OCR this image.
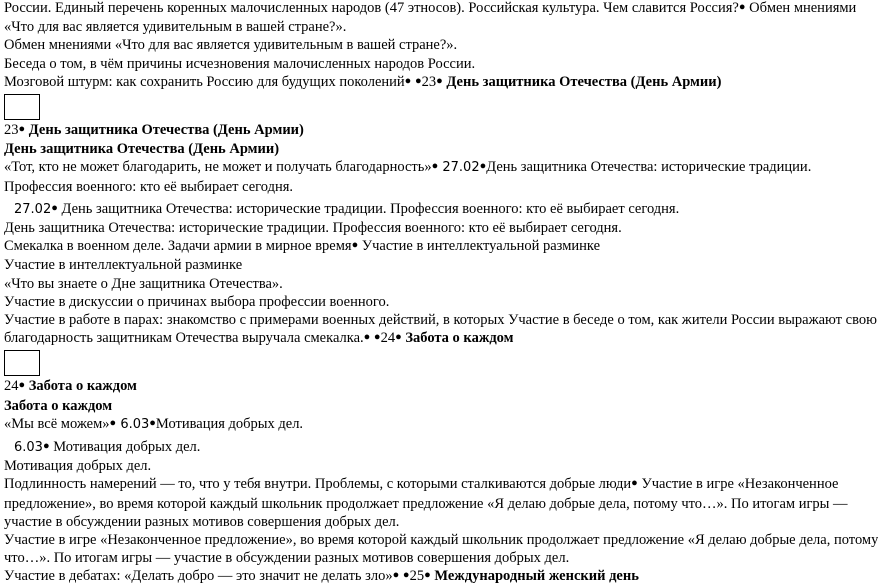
России. Единый перечень коренных малочисленных народов (47 этносов). Российская культура. Чем славится Россия?● Обмен мнениями
«Что для вас является удивительным в вашей стране?».
Обмен мнениями «Что для вас является удивительным в вашей стране?».
Беседа о том, в чём причины исчезновения малочисленных народов России.
Мозговой штурм: как сохранить Россию для будущих поколений● ●23● День защитника Отечества (День Армии)
23● День защитника Отечества (День Армии)
День защитника Отечества (День Армии)
«Тот, кто не может благодарить, не может и получать благодарность»● 27.02●День защитника Отечества: исторические традиции.
Профессия военного: кто её выбирает сегодня.
27.02● День защитника Отечества: исторические традиции. Профессия военного: кто её выбирает сегодня.
День защитника Отечества: исторические традиции. Профессия военного: кто её выбирает сегодня.
Смекалка в военном деле. Задачи армии в мирное время● Участие в интеллектуальной разминке
Участие в интеллектуальной разминке
«Что вы знаете о Дне защитника Отечества».
Участие в дискуссии о причинах выбора профессии военного.
Участие в работе в парах: знакомство с примерами военных действий, в которых Участие в беседе о том, как жители России выражают свою
благодарность защитникам Отечества выручала смекалка.● ●24● Забота о каждом
24● Забота о каждом
Забота о каждом
«Мы всё можем»● 6.03●Мотивация добрых дел.
6.03● Мотивация добрых дел.
Мотивация добрых дел.
Подлинность намерений — то, что у тебя внутри. Проблемы, с которыми сталкиваются добрые люди● Участие в игре «Незаконченное
предложение», во время которой каждый школьник продолжает предложение «Я делаю добрые дела, потому что…». По итогам игры —
участие в обсуждении разных мотивов совершения добрых дел.
Участие в игре «Незаконченное предложение», во время которой каждый школьник продолжает предложение «Я делаю добрые дела, потому
что…». По итогам игры — участие в обсуждении разных мотивов совершения добрых дел.
Участие в дебатах: «Делать добро — это значит не делать зло»● ●25● Международный женский день
